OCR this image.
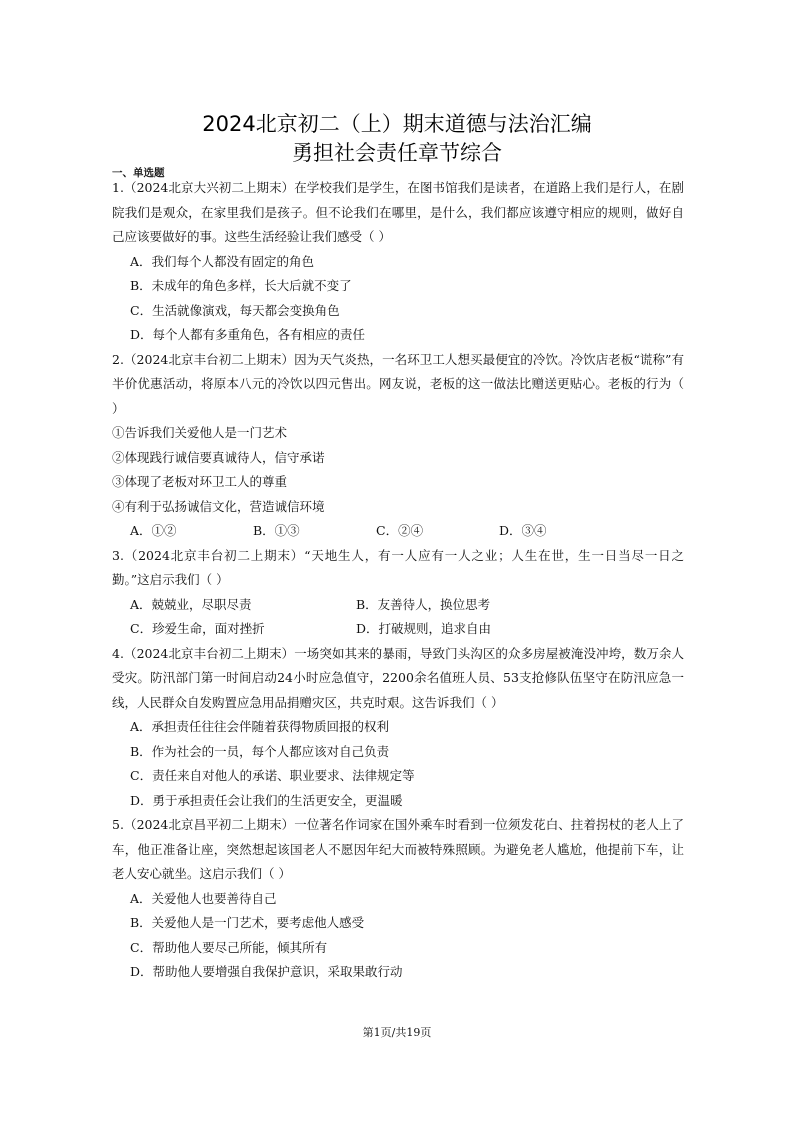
2024北京初二（上）期末道德与法治汇编
勇担社会责任章节综合
一、单选题

1.（2024北京大兴初二上期末）在学校我们是学生，在图书馆我们是读者，在道路上我们是行人，在剧院我们是观众，在家里我们是孩子。但不论我们在哪里，是什么，我们都应该遵守相应的规则，做好自己应该要做好的事。这些生活经验让我们感受（ ）

A．我们每个人都没有固定的角色

B．未成年的角色多样，长大后就不变了

C．生活就像演戏，每天都会变换角色

D．每个人都有多重角色，各有相应的责任

2.（2024北京丰台初二上期末）因为天气炎热，一名环卫工人想买最便宜的冷饮。冷饮店老板“谎称”有半价优惠活动，将原本八元的冷饮以四元售出。网友说，老板的这一做法比赠送更贴心。老板的行为（ ）

①告诉我们关爱他人是一门艺术

②体现践行诚信要真诚待人，信守承诺

③体现了老板对环卫工人的尊重

④有利于弘扬诚信文化，营造诚信环境

A．①②	B．①③	C．②④	D．③④

3.（2024北京丰台初二上期末）“天地生人，有一人应有一人之业；人生在世，生一日当尽一日之勤。”这启示我们（ ）

A．兢兢业，尽职尽责	B．友善待人，换位思考
C．珍爱生命，面对挫折	D．打破规则，追求自由

4.（2024北京丰台初二上期末）一场突如其来的暴雨，导致门头沟区的众多房屋被淹没冲垮，数万余人受灾。防汛部门第一时间启动24小时应急值守，2200余名值班人员、53支抢修队伍坚守在防汛应急一线，人民群众自发购置应急用品捐赠灾区，共克时艰。这告诉我们（ ）

A．承担责任往往会伴随着获得物质回报的权利

B．作为社会的一员，每个人都应该对自己负责

C．责任来自对他人的承诺、职业要求、法律规定等

D．勇于承担责任会让我们的生活更安全，更温暖

5.（2024北京昌平初二上期末）一位著名作词家在国外乘车时看到一位须发花白、拄着拐杖的老人上了车，他正准备让座，突然想起该国老人不愿因年纪大而被特殊照顾。为避免老人尴尬，他提前下车，让老人安心就坐。这启示我们（ ）

A．关爱他人也要善待自己

B．关爱他人是一门艺术，要考虑他人感受

C．帮助他人要尽己所能，倾其所有

D．帮助他人要增强自我保护意识，采取果敢行动

第1页/共19页
